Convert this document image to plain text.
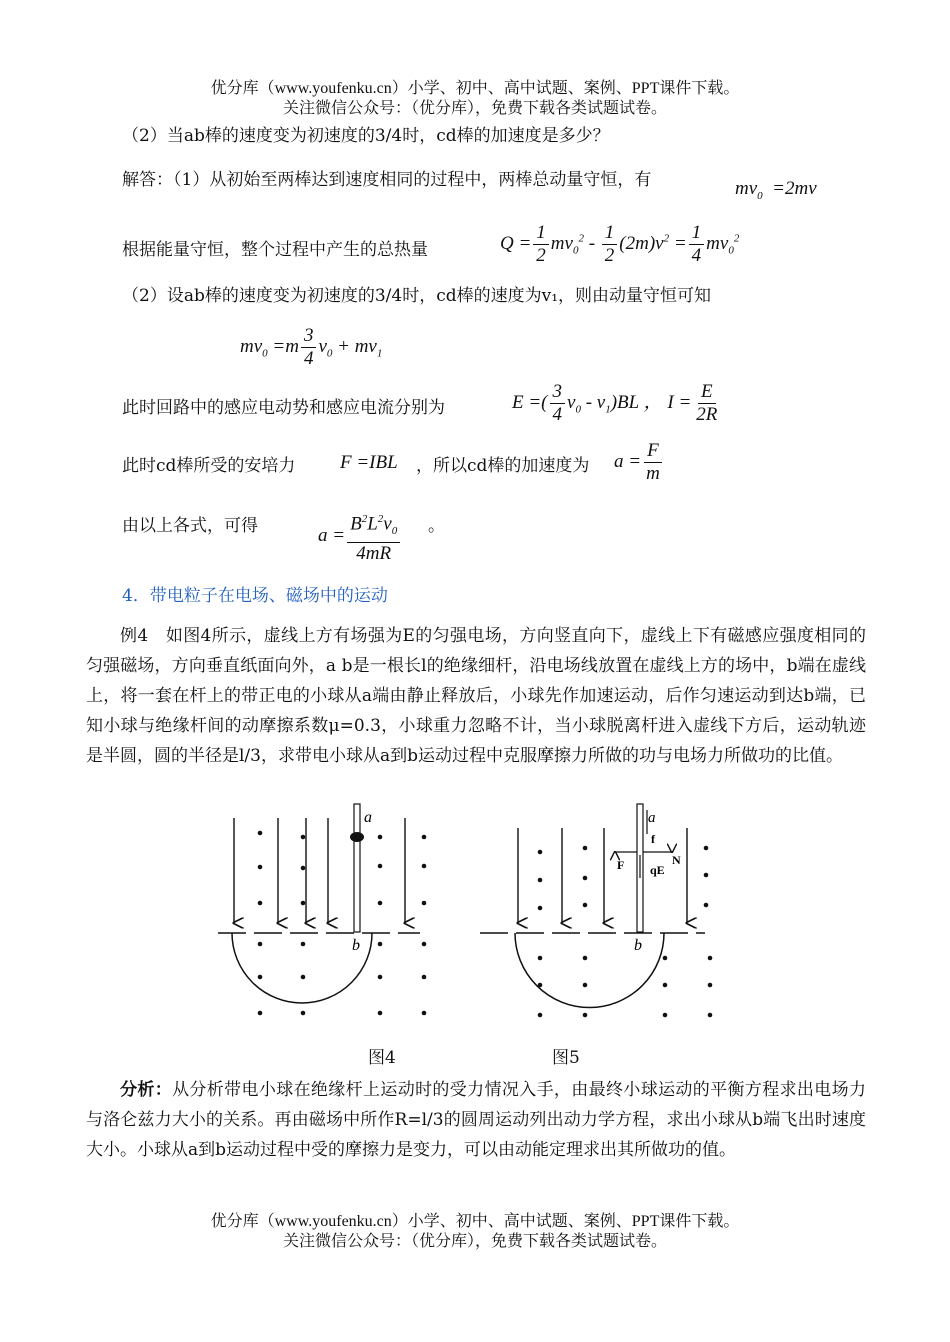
优分库（www.youfenku.cn）小学、初中、高中试题、案例、PPT课件下载。
关注微信公众号：（优分库），免费下载各类试题试卷。
（2）当ab棒的速度变为初速度的3/4时，cd棒的加速度是多少？
解答：（1）从初始至两棒达到速度相同的过程中，两棒总动量守恒，有	$mv_0 =2mv$
根据能量守恒，整个过程中产生的总热量	$Q = \frac{1}{2} mv_0^2 - \frac{1}{2} (2m)v^2 = \frac{1}{4} mv_0^2$
（2）设ab棒的速度变为初速度的3/4时，cd棒的速度为v₁，则由动量守恒可知
$mv_0 =m \frac{3}{4} v_0 + mv_1$
此时回路中的感应电动势和感应电流分别为	E =( $\frac{3}{4} v_0 - v_1)BL$ ， $I = \frac{E}{2R}$
此时cd棒所受的安培力 F =IBL ，所以cd棒的加速度为 $a = \frac{F}{m}$
由以上各式，可得	$a = \frac{B^2L^2v_0}{4mR}$ 。
4．带电粒子在电场、磁场中的运动
例4　如图4所示，虚线上方有场强为E的匀强电场，方向竖直向下，虚线上下有磁感应强度相同的匀强磁场，方向垂直纸面向外，a b是一根长l的绝缘细杆，沿电场线放置在虚线上方的场中，b端在虚线上，将一套在杆上的带正电的小球从a端由静止释放后，小球先作加速运动，后作匀速运动到达b端，已知小球与绝缘杆间的动摩擦系数μ=0.3，小球重力忽略不计，当小球脱离杆进入虚线下方后，运动轨迹是半圆，圆的半径是l/3，求带电小球从a到b运动过程中克服摩擦力所做的功与电场力所做功的比值。
a
b
a
f
F qE
N
b
图4	图5
分析：从分析带电小球在绝缘杆上运动时的受力情况入手，由最终小球运动的平衡方程求出电场力与洛仑兹力大小的关系。再由磁场中所作R=l/3的圆周运动列出动力学方程，求出小球从b端飞出时速度大小。小球从a到b运动过程中受的摩擦力是变力，可以由动能定理求出其所做功的值。
优分库（www.youfenku.cn）小学、初中、高中试题、案例、PPT课件下载。
关注微信公众号：（优分库），免费下载各类试题试卷。
